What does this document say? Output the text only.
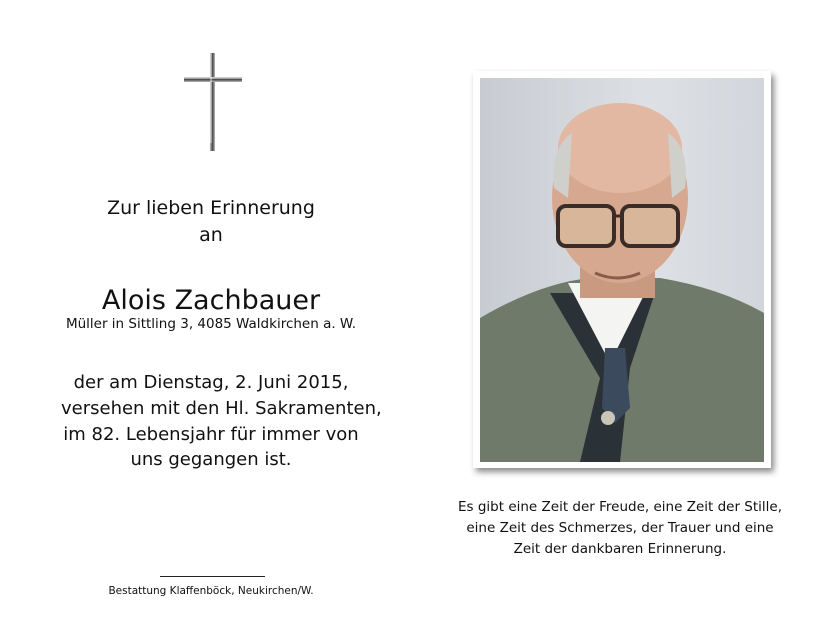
Zur lieben Erinnerung
an
Alois Zachbauer
Müller in Sittling 3, 4085 Waldkirchen a. W.
der am Dienstag, 2. Juni 2015,
versehen mit den Hl. Sakramenten,
im 82. Lebensjahr für immer von
uns gegangen ist.
Bestattung Klaffenböck, Neukirchen/W.
Es gibt eine Zeit der Freude, eine Zeit der Stille,
eine Zeit des Schmerzes, der Trauer und eine
Zeit der dankbaren Erinnerung.
